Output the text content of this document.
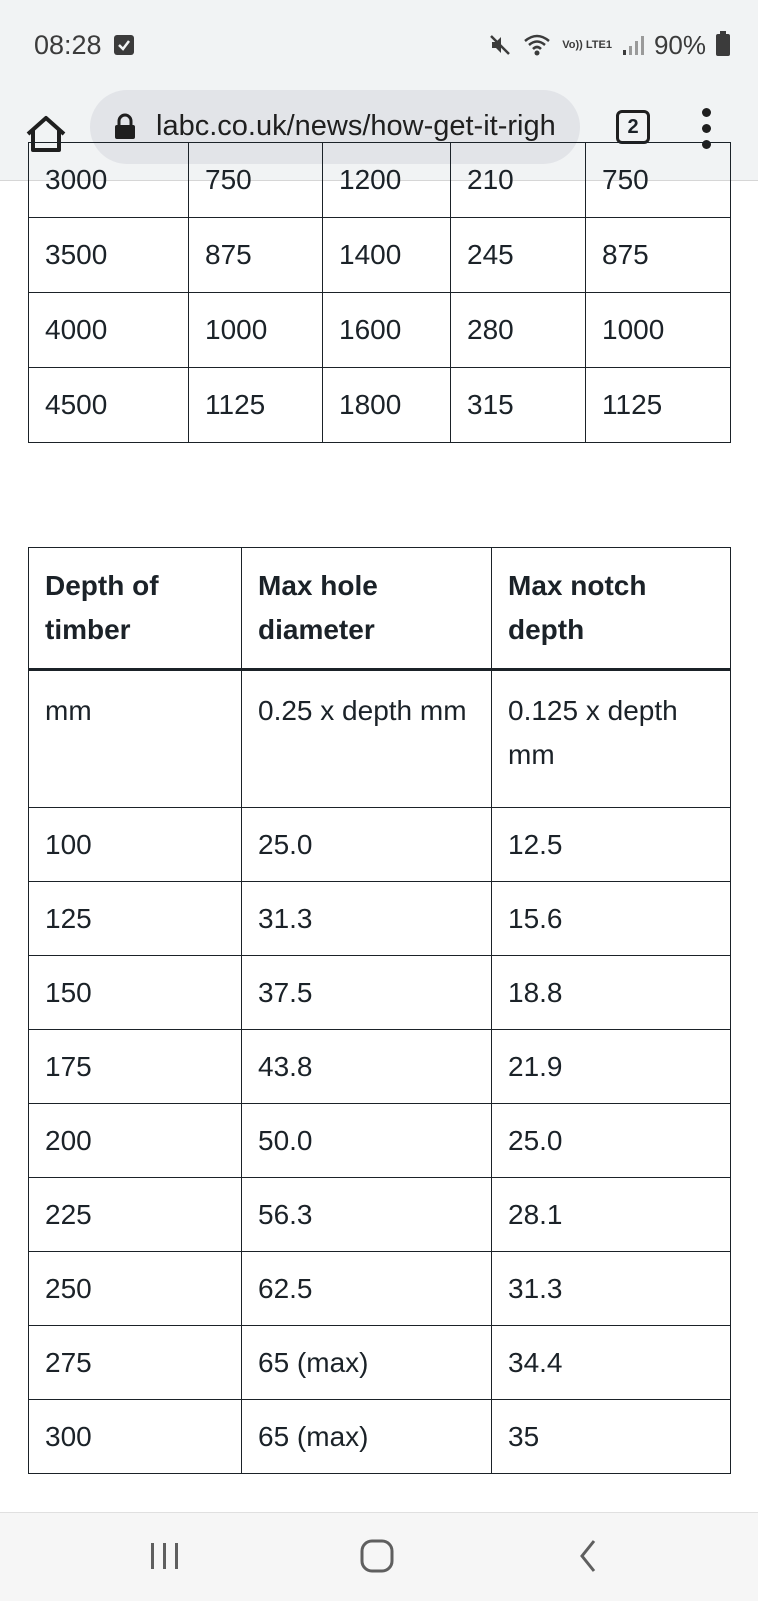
08:28	Vo)) LTE1 90%
labc.co.uk/news/how-get-it-righ	2
3000	750	1200	210	750
3500	875	1400	245	875
4000	1000	1600	280	1000
4500	1125	1800	315	1125
Depth of timber	Max hole diameter	Max notch depth
mm	0.25 x depth mm	0.125 x depth mm
100	25.0	12.5
125	31.3	15.6
150	37.5	18.8
175	43.8	21.9
200	50.0	25.0
225	56.3	28.1
250	62.5	31.3
275	65 (max)	34.4
300	65 (max)	35
